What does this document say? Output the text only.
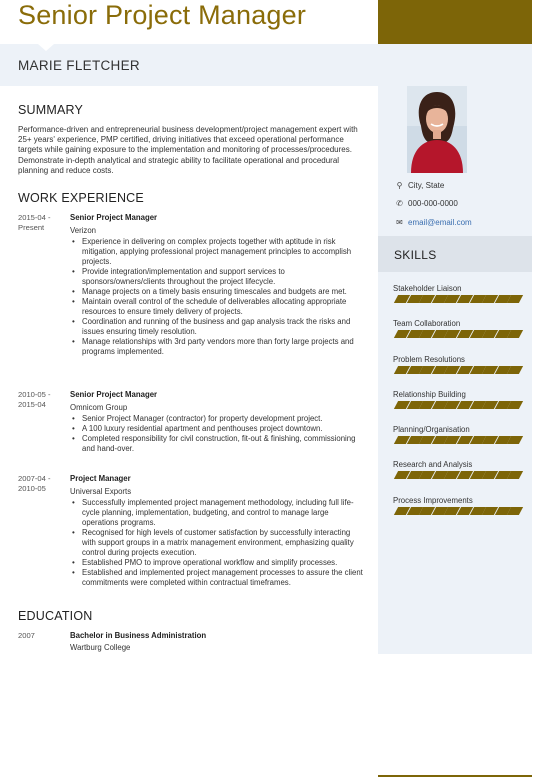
Senior Project Manager
MARIE FLETCHER
SUMMARY
Performance-driven and entrepreneurial business development/project management expert with 25+ years' experience, PMP certified, driving initiatives that exceed operational performance targets while gaining exposure to the implementation and monitoring of processes/procedures. Demonstrate in-depth analytical and strategic ability to facilitate operational and procedural planning and reduce costs.
WORK EXPERIENCE
2015-04 -
Present
Senior Project Manager
Verizon
• Experience in delivering on complex projects together with aptitude in risk mitigation, applying professional project management principles to accomplish projects.
• Provide integration/implementation and support services to sponsors/owners/clients throughout the project lifecycle.
• Manage projects on a timely basis ensuring timescales and budgets are met.
• Maintain overall control of the schedule of deliverables allocating appropriate resources to ensure timely delivery of projects.
• Coordination and running of the business and gap analysis track the risks and issues ensuring timely resolution.
• Manage relationships with 3rd party vendors more than forty large projects and programs implemented.
2010-05 -
2015-04
Senior Project Manager
Omnicom Group
• Senior Project Manager (contractor) for property development project.
• A 100 luxury residential apartment and penthouses project downtown.
• Completed responsibility for civil construction, fit-out & finishing, commissioning and hand-over.
2007-04 -
2010-05
Project Manager
Universal Exports
• Successfully implemented project management methodology, including full life-cycle planning, implementation, budgeting, and control to manage large operations programs.
• Recognised for high levels of customer satisfaction by successfully interacting with support groups in a matrix management environment, emphasizing quality control during projects execution.
• Established PMO to improve operational workflow and simplify processes.
• Established and implemented project management processes to assure the client commitments were completed within contractual timeframes.
EDUCATION
2007	Bachelor in Business Administration
Wartburg College
⚲ City, State
✆ 000-000-0000
✉ email@email.com
SKILLS
Stakeholder Liaison
Team Collaboration
Problem Resolutions
Relationship Building
Planning/Organisation
Research and Analysis
Process Improvements
